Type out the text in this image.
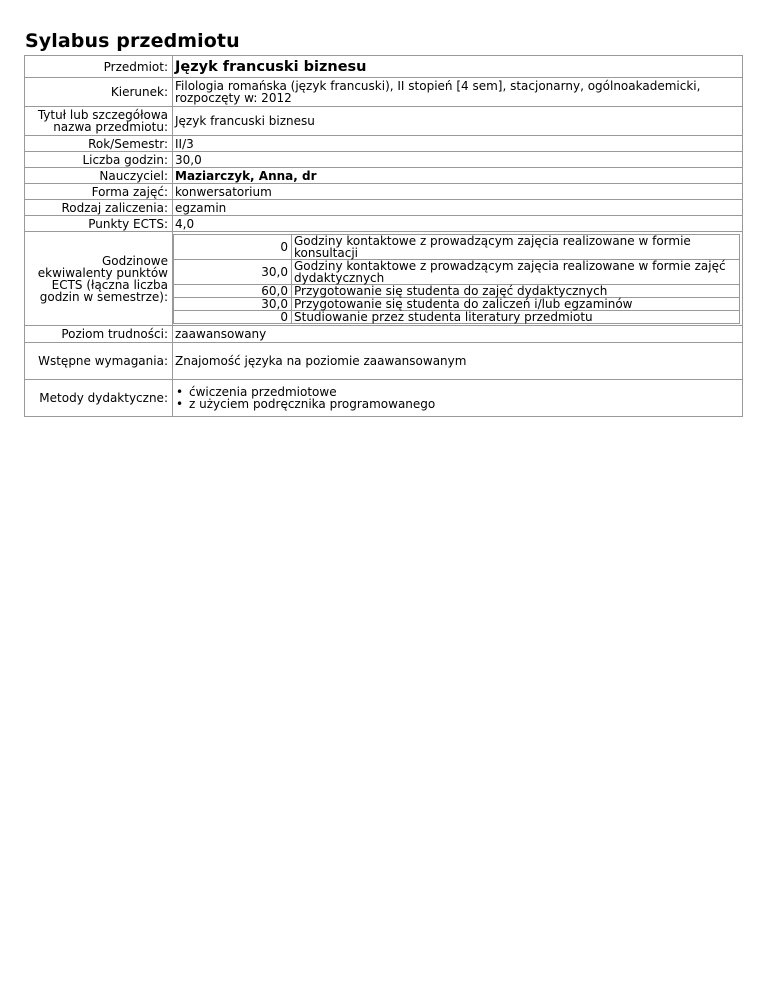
Sylabus przedmiotu
Przedmiot:	Język francuski biznesu
Kierunek:	Filologia romańska (język francuski), II stopień [4 sem], stacjonarny, ogólnoakademicki, rozpoczęty w: 2012
Tytuł lub szczegółowa nazwa przedmiotu:	Język francuski biznesu
Rok/Semestr:	II/3
Liczba godzin:	30,0
Nauczyciel:	Maziarczyk, Anna, dr
Forma zajęć:	konwersatorium
Rodzaj zaliczenia:	egzamin
Punkty ECTS:	4,0
Godzinowe ekwiwalenty punktów ECTS (łączna liczba godzin w semestrze):	
0	Godziny kontaktowe z prowadzącym zajęcia realizowane w formie konsultacji
30,0	Godziny kontaktowe z prowadzącym zajęcia realizowane w formie zajęć dydaktycznych
60,0	Przygotowanie się studenta do zajęć dydaktycznych
30,0	Przygotowanie się studenta do zaliczeń i/lub egzaminów
0	Studiowanie przez studenta literatury przedmiotu

Poziom trudności:	zaawansowany
Wstępne wymagania:	Znajomość języka na poziomie zaawansowanym
Metody dydaktyczne:	
•ćwiczenia przedmiotowe
• z użyciem podręcznika programowanego
